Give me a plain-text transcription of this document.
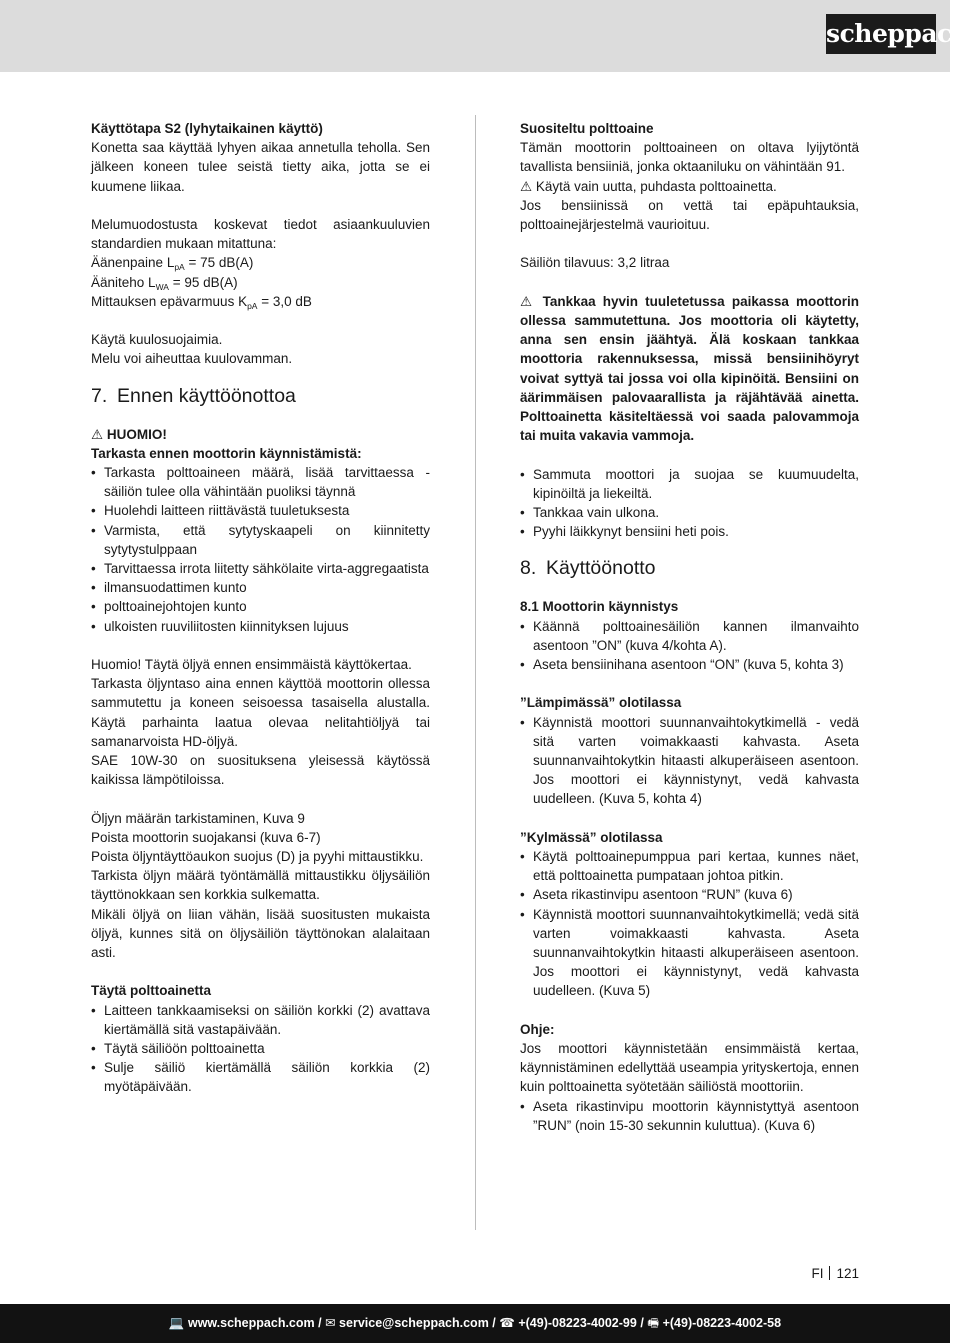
scheppach

Käyttötapa S2 (lyhytaikainen käyttö)

Konetta saa käyttää lyhyen aikaa annetulla teholla. Sen jälkeen koneen tulee seistä tietty aika, jotta se ei kuumene liikaa.

Melumuodostusta koskevat tiedot asiaankuuluvien standardien mukaan mitattuna:

Äänenpaine $L_{pA} = 75$ dB(A)

Ääniteho $L_{WA} = 95$ dB(A)

Mittauksen epävarmuus $K_{pA} = 3,0$ dB

Käytä kuulosuojaimia.

Melu voi aiheuttaa kuulovamman.

7. Ennen käyttöönottoa

⚠ HUOMIO!

Tarkasta ennen moottorin käynnistämistä:

• Tarkasta polttoaineen määrä, lisää tarvittaessa - säiliön tulee olla vähintään puoliksi täynnä
• Huolehdi laitteen riittävästä tuuletuksesta
• Varmista, että sytytyskaapeli on kiinnitetty sytytystulppaan
• Tarvittaessa irrota liitetty sähkölaite virta-aggregaatista
• ilmansuodattimen kunto
• polttoainejohtojen kunto
• ulkoisten ruuviliitosten kiinnityksen lujuus

Huomio! Täytä öljyä ennen ensimmäistä käyttökertaa.

Tarkasta öljyntaso aina ennen käyttöä moottorin ollessa sammutettu ja koneen seisoessa tasaisella alustalla. Käytä parhainta laatua olevaa nelitahtiöljyä tai samanarvoista HD-öljyä.

SAE 10W-30 on suosituksena yleisessä käytössä kaikissa lämpötiloissa.

Öljyn määrän tarkistaminen, Kuva 9

Poista moottorin suojakansi (kuva 6-7)

Poista öljyntäyttöaukon suojus (D) ja pyyhi mittaustikku.

Tarkista öljyn määrä työntämällä mittaustikku öljysäiliön täyttönokkaan sen korkkia sulkematta.

Mikäli öljyä on liian vähän, lisää suositusten mukaista öljyä, kunnes sitä on öljysäiliön täyttönokan alalaitaan asti.

Täytä polttoainetta

• Laitteen tankkaamiseksi on säiliön korkki (2) avattava kiertämällä sitä vastapäivään.
• Täytä säiliöön polttoainetta
• Sulje säiliö kiertämällä säiliön korkkia (2) myötäpäivään.

Suositeltu polttoaine

Tämän moottorin polttoaineen on oltava lyijytöntä tavallista bensiiniä, jonka oktaaniluku on vähintään 91.

⚠ Käytä vain uutta, puhdasta polttoainetta.

Jos bensiinissä on vettä tai epäpuhtauksia, polttoainejärjestelmä vaurioituu.

Säiliön tilavuus: 3,2 litraa

⚠ Tankkaa hyvin tuuletetussa paikassa moottorin ollessa sammutettuna. Jos moottoria oli käytetty, anna sen ensin jäähtyä. Älä koskaan tankkaa moottoria rakennuksessa, missä bensiinihöyryt voivat syttyä tai jossa voi olla kipinöitä. Bensiini on äärimmäisen palovaarallista ja räjähtävää ainetta. Polttoainetta käsiteltäessä voi saada palovammoja tai muita vakavia vammoja.

• Sammuta moottori ja suojaa se kuumuudelta, kipinöiltä ja liekeiltä.
• Tankkaa vain ulkona.
• Pyyhi läikkynyt bensiini heti pois.
8. Käyttöönotto

8.1 Moottorin käynnistys

• Käännä polttoainesäiliön kannen ilmanvaihto asentoon ”ON” (kuva 4/kohta A).
• Aseta bensiinihana asentoon “ON” (kuva 5, kohta 3)

”Lämpimässä” olotilassa

• Käynnistä moottori suunnanvaihtokytkimellä - vedä sitä varten voimakkaasti kahvasta. Aseta suunnanvaihtokytkin hitaasti alkuperäiseen asentoon. Jos moottori ei käynnistynyt, vedä kahvasta uudelleen. (Kuva 5, kohta 4)

”Kylmässä” olotilassa

• Käytä polttoainepumppua pari kertaa, kunnes näet, että polttoainetta pumpataan johtoa pitkin.
• Aseta rikastinvipu asentoon “RUN” (kuva 6)
• Käynnistä moottori suunnanvaihtokytkimellä; vedä sitä varten voimakkaasti kahvasta. Aseta suunnanvaihtokytkin hitaasti alkuperäiseen asentoon. Jos moottori ei käynnistynyt, vedä kahvasta uudelleen. (Kuva 5)

Ohje:

Jos moottori käynnistetään ensimmäistä kertaa, käynnistäminen edellyttää useampia yrityskertoja, ennen kuin polttoainetta syötetään säiliöstä moottoriin.

• Aseta rikastinvipu moottorin käynnistyttyä asentoon ”RUN” (noin 15-30 sekunnin kuluttua). (Kuva 6)
FI 121
💻 www.scheppach.com / ✉ service@scheppach.com / ☎ +(49)-08223-4002-99 / 🖷 +(49)-08223-4002-58
